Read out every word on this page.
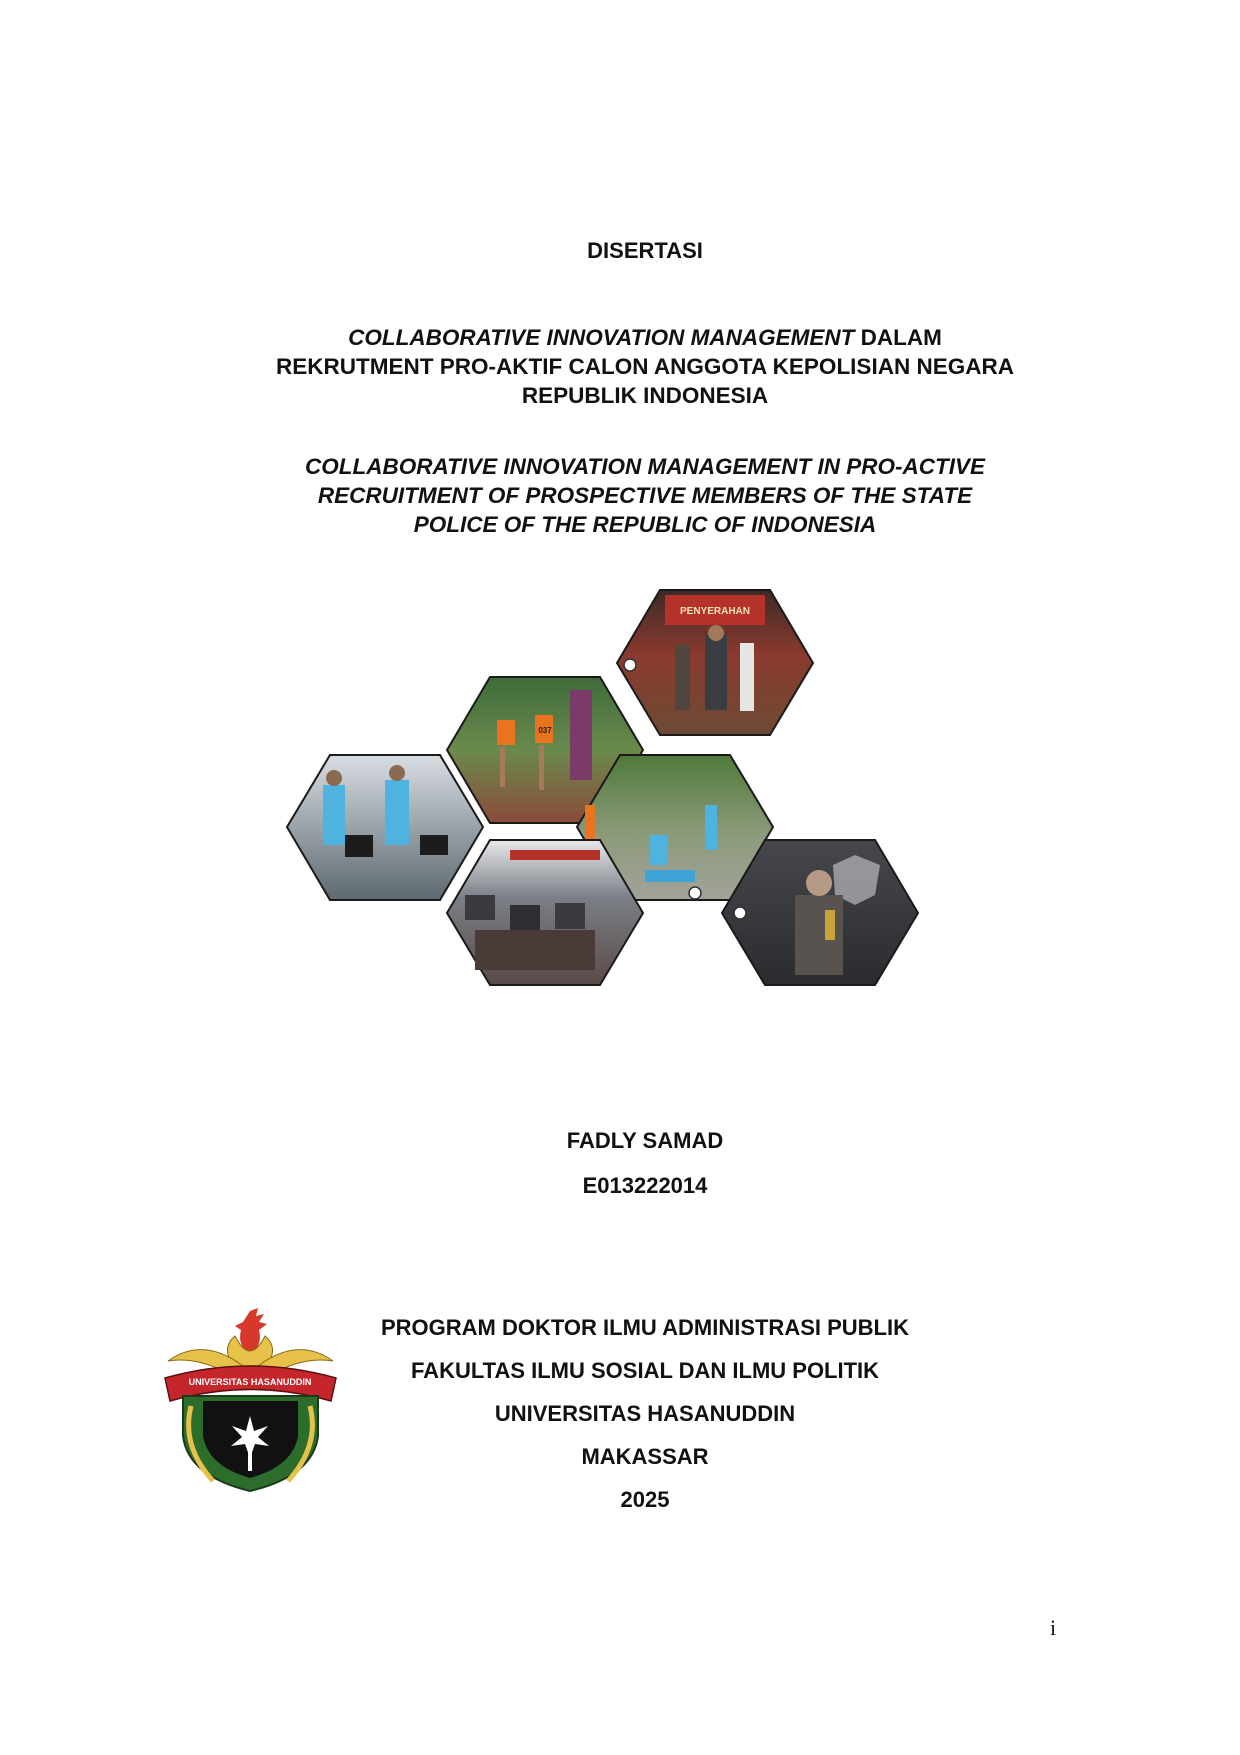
DISERTASI
COLLABORATIVE INNOVATION MANAGEMENT DALAM
REKRUTMENT PRO-AKTIF CALON ANGGOTA KEPOLISIAN NEGARA
REPUBLIK INDONESIA
COLLABORATIVE INNOVATION MANAGEMENT IN PRO-ACTIVE
RECRUITMENT OF PROSPECTIVE MEMBERS OF THE STATE
POLICE OF THE REPUBLIC OF INDONESIA
PENYERAHAN
037
FADLY SAMAD
E013222014
UNIVERSITAS HASANUDDIN
PROGRAM DOKTOR ILMU ADMINISTRASI PUBLIK
FAKULTAS ILMU SOSIAL DAN ILMU POLITIK
UNIVERSITAS HASANUDDIN
MAKASSAR
2025
i
